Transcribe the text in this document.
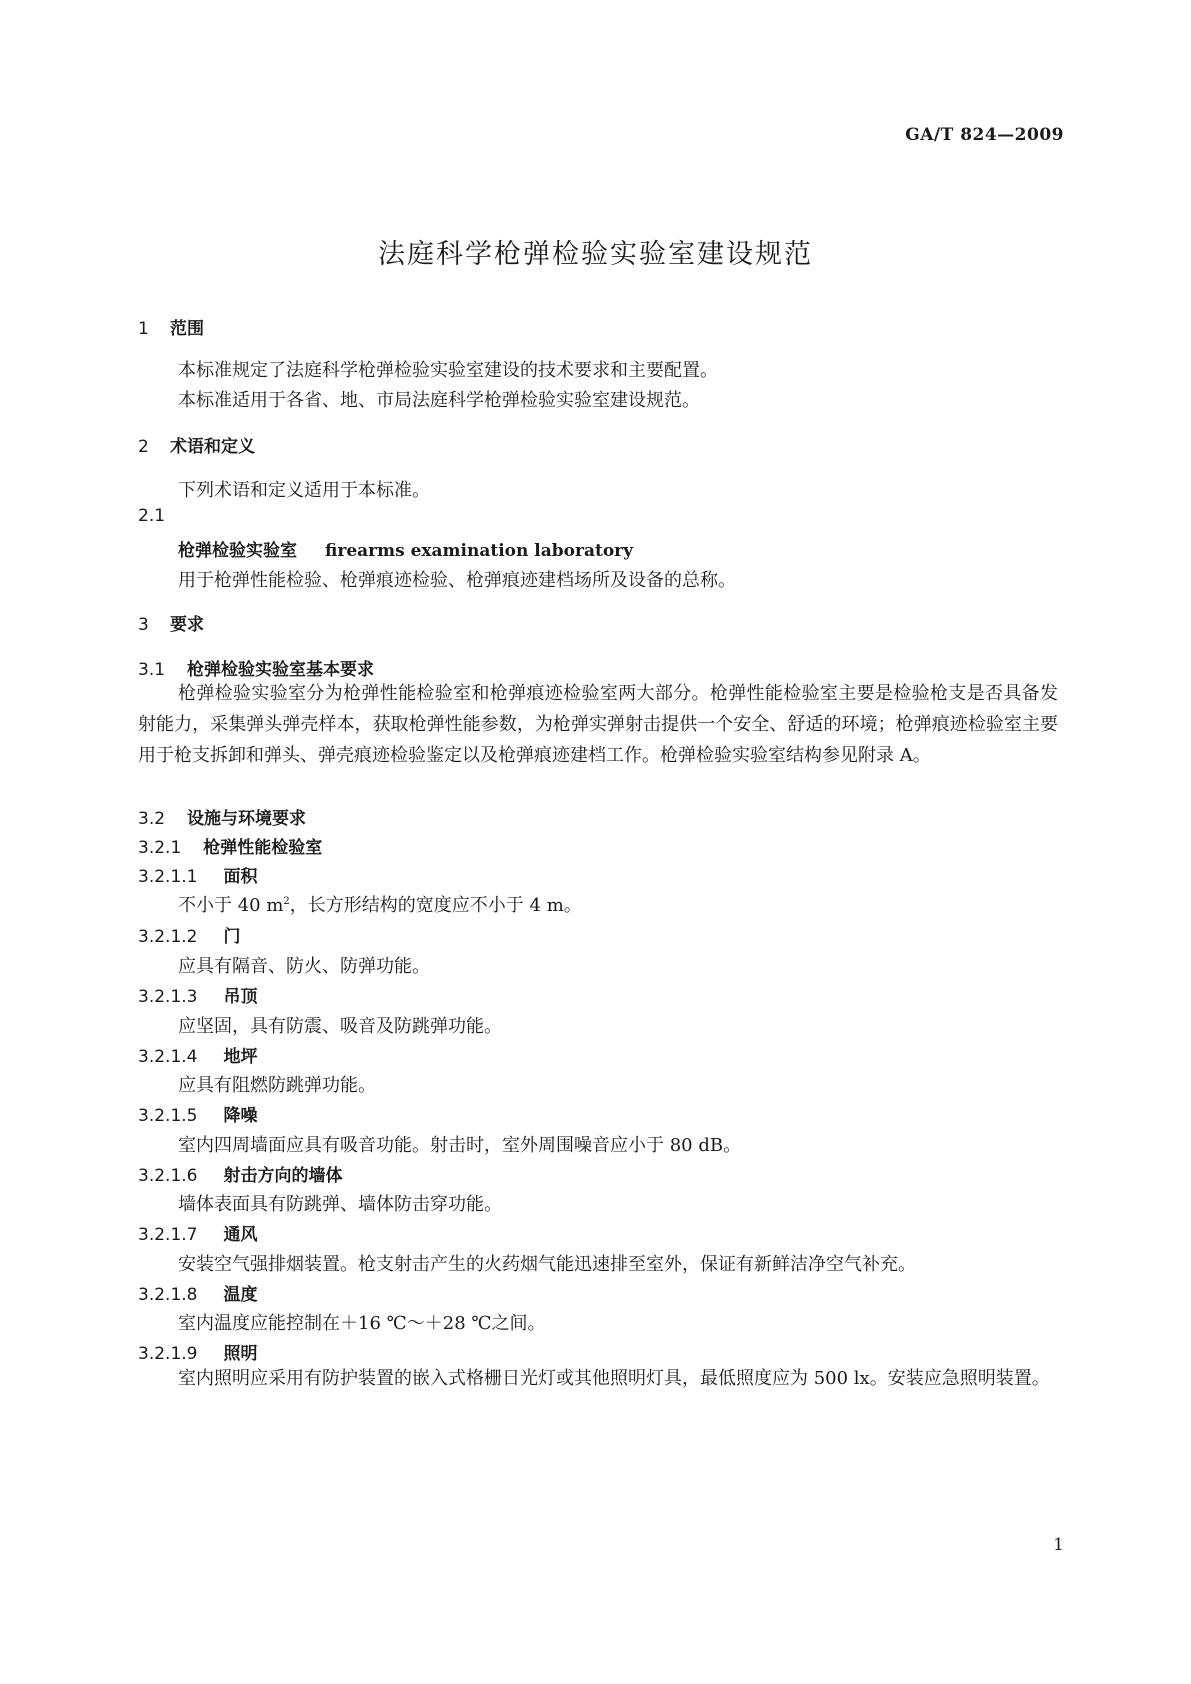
GA/T 824—2009
法庭科学枪弹检验实验室建设规范
1 范围
本标准规定了法庭科学枪弹检验实验室建设的技术要求和主要配置。
本标准适用于各省、地、市局法庭科学枪弹检验实验室建设规范。
2 术语和定义
下列术语和定义适用于本标准。
2.1
枪弹检验实验室 firearms examination laboratory
用于枪弹性能检验、枪弹痕迹检验、枪弹痕迹建档场所及设备的总称。
3 要求
3.1 枪弹检验实验室基本要求
枪弹检验实验室分为枪弹性能检验室和枪弹痕迹检验室两大部分。枪弹性能检验室主要是检验枪支是否具备发射能力，采集弹头弹壳样本，获取枪弹性能参数，为枪弹实弹射击提供一个安全、舒适的环境；枪弹痕迹检验室主要用于枪支拆卸和弹头、弹壳痕迹检验鉴定以及枪弹痕迹建档工作。枪弹检验实验室结构参见附录 A。
3.2 设施与环境要求
3.2.1 枪弹性能检验室
3.2.1.1 面积
不小于 40 $m^2$，长方形结构的宽度应不小于 4 m。
3.2.1.2 门
应具有隔音、防火、防弹功能。
3.2.1.3 吊顶
应坚固，具有防震、吸音及防跳弹功能。
3.2.1.4 地坪
应具有阻燃防跳弹功能。
3.2.1.5 降噪
室内四周墙面应具有吸音功能。射击时，室外周围噪音应小于 80 dB。
3.2.1.6 射击方向的墙体
墙体表面具有防跳弹、墙体防击穿功能。
3.2.1.7 通风
安装空气强排烟装置。枪支射击产生的火药烟气能迅速排至室外，保证有新鲜洁净空气补充。
3.2.1.8 温度
室内温度应能控制在＋16 ℃～＋28 ℃之间。
3.2.1.9 照明
室内照明应采用有防护装置的嵌入式格栅日光灯或其他照明灯具，最低照度应为 500 lx。安装应急照明装置。
1
